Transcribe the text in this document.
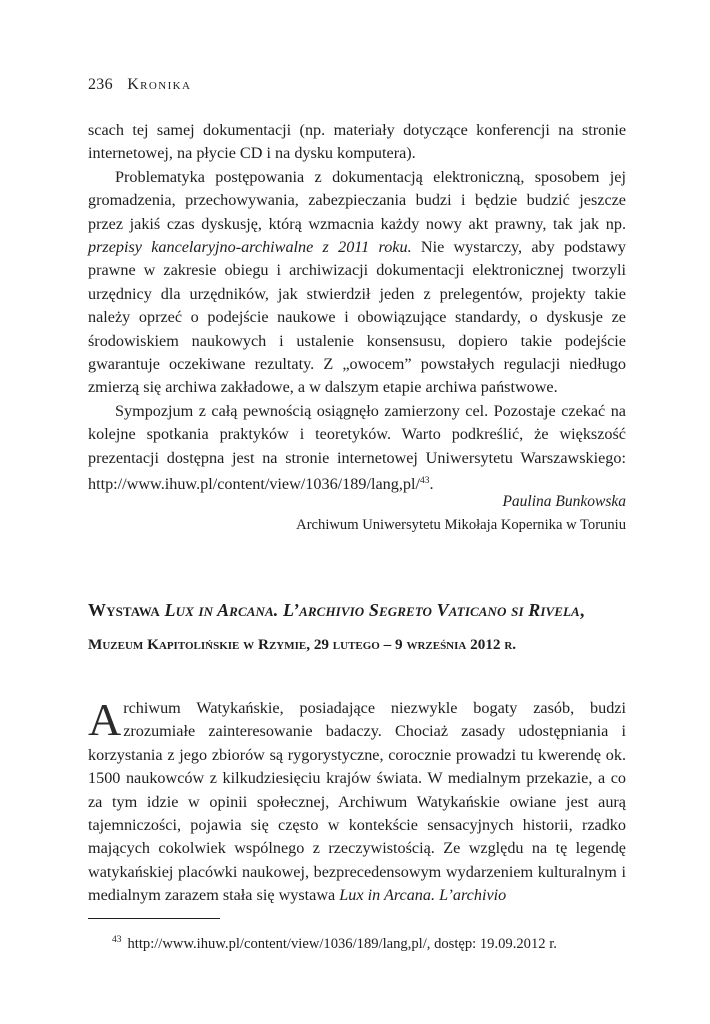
236 Kronika

scach tej samej dokumentacji (np. materiały dotyczące konferencji na stronie internetowej, na płycie CD i na dysku komputera).

Problematyka postępowania z dokumentacją elektroniczną, sposobem jej gromadzenia, przechowywania, zabezpieczania budzi i będzie budzić jeszcze przez jakiś czas dyskusję, którą wzmacnia każdy nowy akt prawny, tak jak np. przepisy kancelaryjno-archiwalne z 2011 roku. Nie wystarczy, aby podstawy prawne w zakresie obiegu i archiwizacji dokumentacji elektronicznej tworzyli urzędnicy dla urzędników, jak stwierdził jeden z prelegentów, projekty takie należy oprzeć o podejście naukowe i obowiązujące standardy, o dyskusje ze środowiskiem naukowych i ustalenie konsensusu, dopiero takie podejście gwarantuje oczekiwane rezultaty. Z „owocem” powstałych regulacji niedługo zmierzą się archiwa zakładowe, a w dalszym etapie archiwa państwowe.

Sympozjum z całą pewnością osiągnęło zamierzony cel. Pozostaje czekać na kolejne spotkania praktyków i teoretyków. Warto podkreślić, że większość prezentacji dostępna jest na stronie internetowej Uniwersytetu Warszawskiego: http://www.ihuw.pl/content/view/1036/189/lang,pl/$^{43}$.

Paulina Bunkowska
Archiwum Uniwersytetu Mikołaja Kopernika w Toruniu
Wystawa Lux in Arcana. L’archivio Segreto Vaticano si Rivela,
Muzeum Kapitolińskie w Rzymie, 29 lutego – 9 września 2012 r.

Archiwum Watykańskie, posiadające niezwykle bogaty zasób, budzi zrozumiałe zainteresowanie badaczy. Chociaż zasady udostępniania i korzystania z jego zbiorów są rygorystyczne, corocznie prowadzi tu kwerendę ok. 1500 naukowców z kilkudziesięciu krajów świata. W medialnym przekazie, a co za tym idzie w opinii społecznej, Archiwum Watykańskie owiane jest aurą tajemniczości, pojawia się często w kontekście sensacyjnych historii, rzadko mających cokolwiek wspólnego z rzeczywistością. Ze względu na tę legendę watykańskiej placówki naukowej, bezprecedensowym wydarzeniem kulturalnym i medialnym zarazem stała się wystawa Lux in Arcana. L’archivio

$^{43}$ http://www.ihuw.pl/content/view/1036/189/lang,pl/, dostęp: 19.09.2012 r.
